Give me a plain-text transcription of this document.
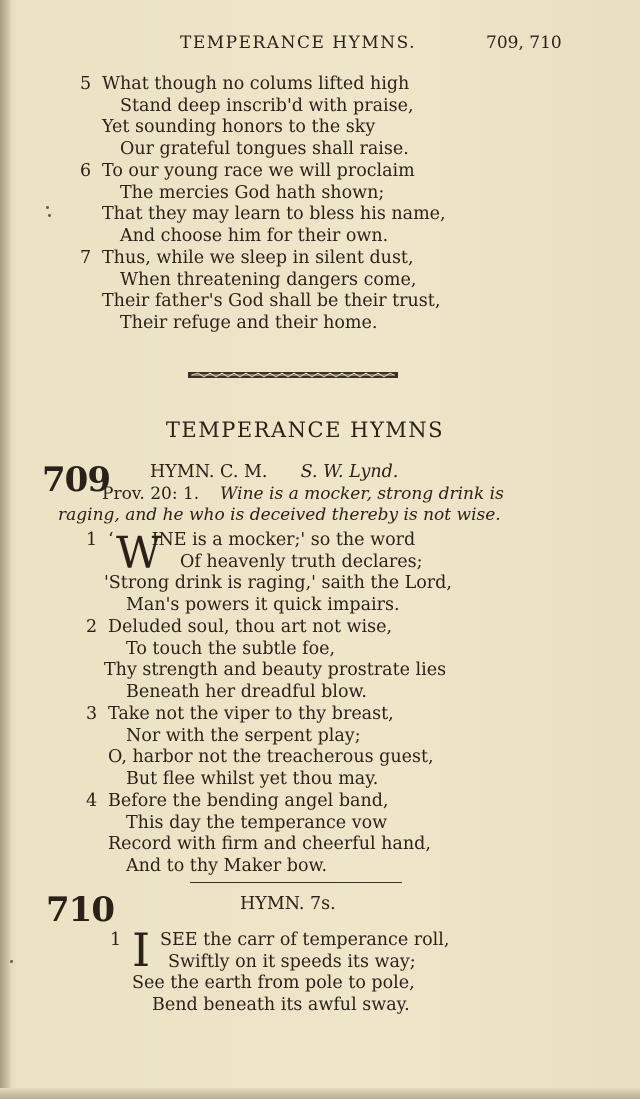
TEMPERANCE HYMNS.	709, 710
5 What though no colums lifted high
Stand deep inscrib'd with praise,
Yet sounding honors to the sky
Our grateful tongues shall raise.
6 To our young race we will proclaim
The mercies God hath shown;
That they may learn to bless his name,
And choose him for their own.
7 Thus, while we sleep in silent dust,
When threatening dangers come,
Their father's God shall be their trust,
Their refuge and their home.
TEMPERANCE HYMNS
709 HYMN. C. M. S. W. Lynd.
Prov. 20: 1. Wine is a mocker, strong drink is
raging, and he who is deceived thereby is not wise.
1 ‘ INE is a mocker;' so the word
Of heavenly truth declares;
'Strong drink is raging,' saith the Lord,
Man's powers it quick impairs.
W
2 Deluded soul, thou art not wise,
To touch the subtle foe,
Thy strength and beauty prostrate lies
Beneath her dreadful blow.
3 Take not the viper to thy breast,
Nor with the serpent play;
O, harbor not the treacherous guest,
But flee whilst yet thou may.
4 Before the bending angel band,
This day the temperance vow
Record with firm and cheerful hand,
And to thy Maker bow.
710	HYMN. 7s.
1 SEE the carr of temperance roll,
Swiftly on it speeds its way;
See the earth from pole to pole,
Bend beneath its awful sway.
I
